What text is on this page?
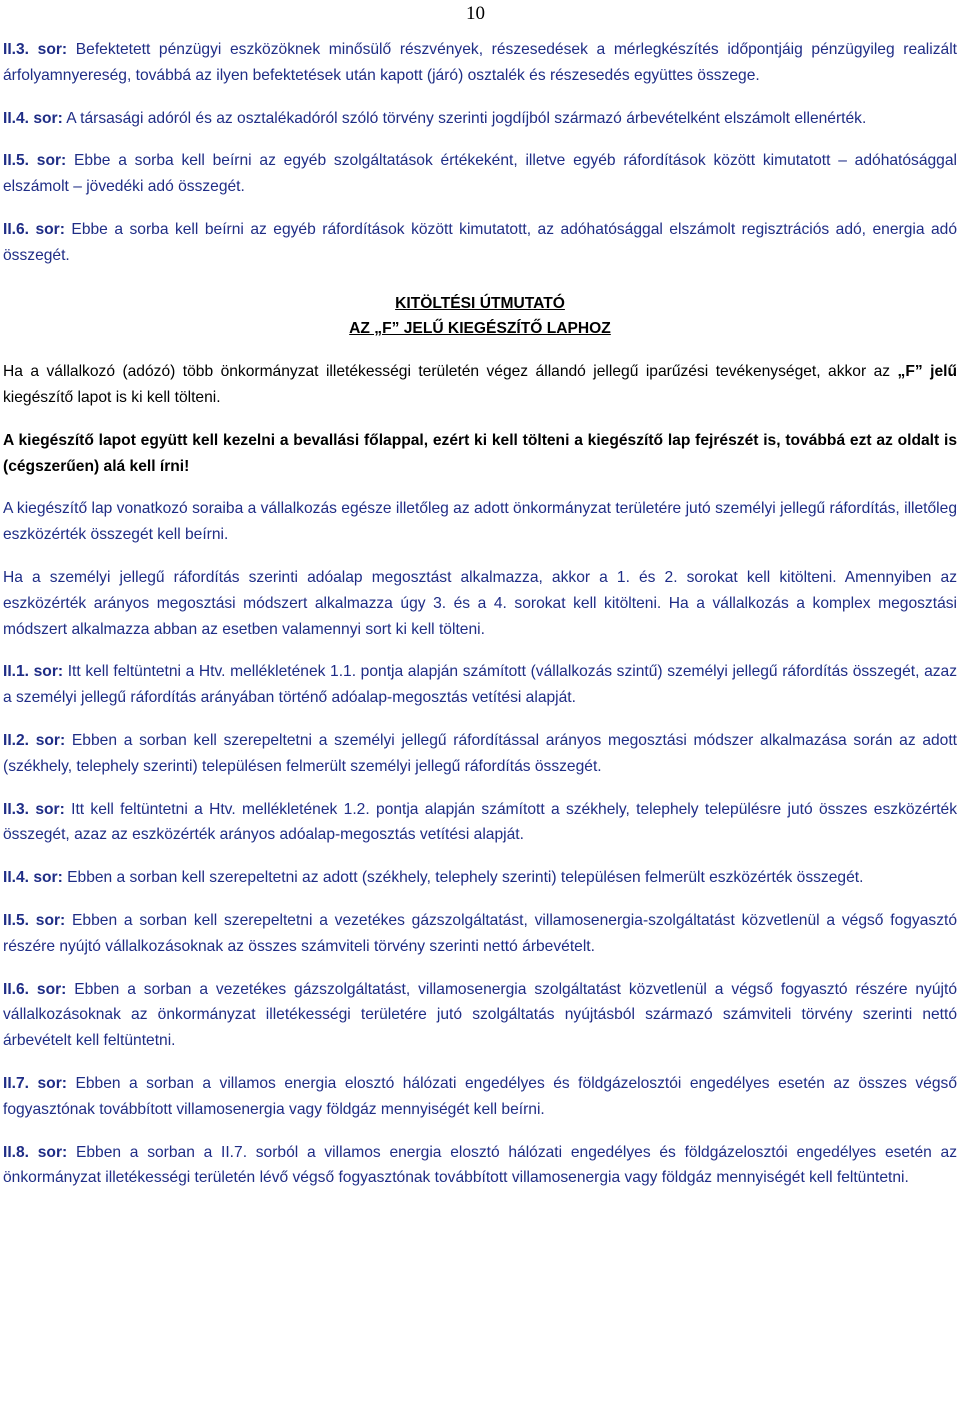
10

II.3. sor: Befektetett pénzügyi eszközöknek minősülő részvények, részesedések a mérlegkészítés időpontjáig pénzügyileg realizált árfolyamnyereség, továbbá az ilyen befektetések után kapott (járó) osztalék és részesedés együttes összege.

II.4. sor: A társasági adóról és az osztalékadóról szóló törvény szerinti jogdíjból származó árbevételként elszámolt ellenérték.

II.5. sor: Ebbe a sorba kell beírni az egyéb szolgáltatások értékeként, illetve egyéb ráfordítások között kimutatott – adóhatósággal elszámolt – jövedéki adó összegét.

II.6. sor: Ebbe a sorba kell beírni az egyéb ráfordítások között kimutatott, az adóhatósággal elszámolt regisztrációs adó, energia adó összegét.

KITÖLTÉSI ÚTMUTATÓ
AZ „F” JELŰ KIEGÉSZÍTŐ LAPHOZ

Ha a vállalkozó (adózó) több önkormányzat illetékességi területén végez állandó jellegű iparűzési tevékenységet, akkor az „F” jelű kiegészítő lapot is ki kell tölteni.

A kiegészítő lapot együtt kell kezelni a bevallási főlappal, ezért ki kell tölteni a kiegészítő lap fejrészét is, továbbá ezt az oldalt is (cégszerűen) alá kell írni!

A kiegészítő lap vonatkozó soraiba a vállalkozás egésze illetőleg az adott önkormányzat területére jutó személyi jellegű ráfordítás, illetőleg eszközérték összegét kell beírni.

Ha a személyi jellegű ráfordítás szerinti adóalap megosztást alkalmazza, akkor a 1. és 2. sorokat kell kitölteni. Amennyiben az eszközérték arányos megosztási módszert alkalmazza úgy 3. és a 4. sorokat kell kitölteni. Ha a vállalkozás a komplex megosztási módszert alkalmazza abban az esetben valamennyi sort ki kell tölteni.

II.1. sor: Itt kell feltüntetni a Htv. mellékletének 1.1. pontja alapján számított (vállalkozás szintű) személyi jellegű ráfordítás összegét, azaz a személyi jellegű ráfordítás arányában történő adóalap-megosztás vetítési alapját.

II.2. sor: Ebben a sorban kell szerepeltetni a személyi jellegű ráfordítással arányos megosztási módszer alkalmazása során az adott (székhely, telephely szerinti) településen felmerült személyi jellegű ráfordítás összegét.

II.3. sor: Itt kell feltüntetni a Htv. mellékletének 1.2. pontja alapján számított a székhely, telephely településre jutó összes eszközérték összegét, azaz az eszközérték arányos adóalap-megosztás vetítési alapját.

II.4. sor: Ebben a sorban kell szerepeltetni az adott (székhely, telephely szerinti) településen felmerült eszközérték összegét.

II.5. sor: Ebben a sorban kell szerepeltetni a vezetékes gázszolgáltatást, villamosenergia-szolgáltatást közvetlenül a végső fogyasztó részére nyújtó vállalkozásoknak az összes számviteli törvény szerinti nettó árbevételt.

II.6. sor: Ebben a sorban a vezetékes gázszolgáltatást, villamosenergia szolgáltatást közvetlenül a végső fogyasztó részére nyújtó vállalkozásoknak az önkormányzat illetékességi területére jutó szolgáltatás nyújtásból származó számviteli törvény szerinti nettó árbevételt kell feltüntetni.

II.7. sor: Ebben a sorban a villamos energia elosztó hálózati engedélyes és földgázelosztói engedélyes esetén az összes végső fogyasztónak továbbított villamosenergia vagy földgáz mennyiségét kell beírni.

II.8. sor: Ebben a sorban a II.7. sorból a villamos energia elosztó hálózati engedélyes és földgázelosztói engedélyes esetén az önkormányzat illetékességi területén lévő végső fogyasztónak továbbított villamosenergia vagy földgáz mennyiségét kell feltüntetni.
